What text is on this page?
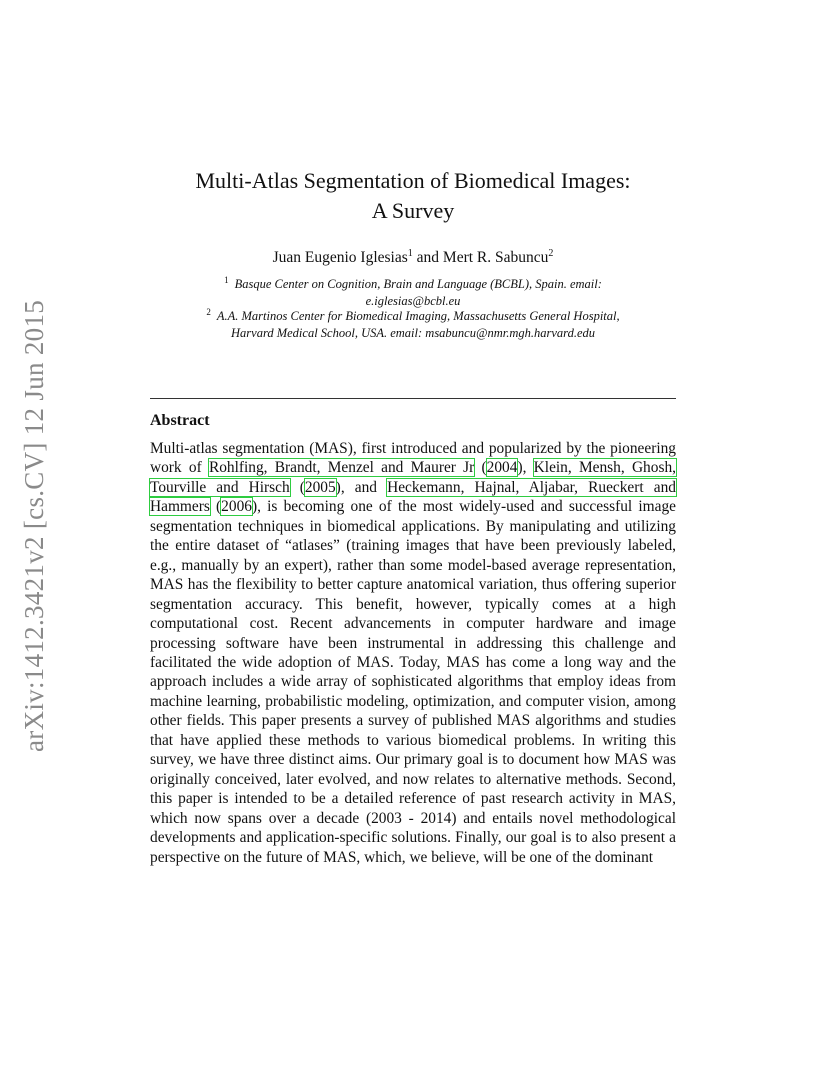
arXiv:1412.3421v2 [cs.CV] 12 Jun 2015
Multi-Atlas Segmentation of Biomedical Images:
A Survey
Juan Eugenio Iglesias$^1$ and Mert R. Sabuncu$^2$
$^1$ Basque Center on Cognition, Brain and Language (BCBL), Spain. email:
e.iglesias@bcbl.eu
$^2$ A.A. Martinos Center for Biomedical Imaging, Massachusetts General Hospital,
Harvard Medical School, USA. email: msabuncu@nmr.mgh.harvard.edu
Abstract
Multi-atlas segmentation (MAS), first introduced and popularized by the pioneering work of Rohlfing, Brandt, Menzel and Maurer Jr (2004), Klein, Mensh, Ghosh, Tourville and Hirsch (2005), and Heckemann, Hajnal, Aljabar, Rueckert and Hammers (2006), is becoming one of the most widely-used and successful image segmentation techniques in biomedical applications. By manipulating and utilizing the entire dataset of “atlases” (training images that have been previously labeled, e.g., manually by an expert), rather than some model-based average representation, MAS has the flexibility to better capture anatomical variation, thus offering superior segmentation accuracy. This benefit, however, typically comes at a high computational cost. Recent advancements in computer hardware and image processing software have been instrumental in addressing this challenge and facilitated the wide adoption of MAS. Today, MAS has come a long way and the approach includes a wide array of sophisticated algorithms that employ ideas from machine learning, probabilistic modeling, optimization, and computer vision, among other fields. This paper presents a survey of published MAS algorithms and studies that have applied these methods to various biomedical problems. In writing this survey, we have three distinct aims. Our primary goal is to document how MAS was originally conceived, later evolved, and now relates to alternative methods. Second, this paper is intended to be a detailed reference of past research activity in MAS, which now spans over a decade (2003 - 2014) and entails novel methodological developments and application-specific solutions. Finally, our goal is to also present a perspective on the future of MAS, which, we believe, will be one of the dominant
